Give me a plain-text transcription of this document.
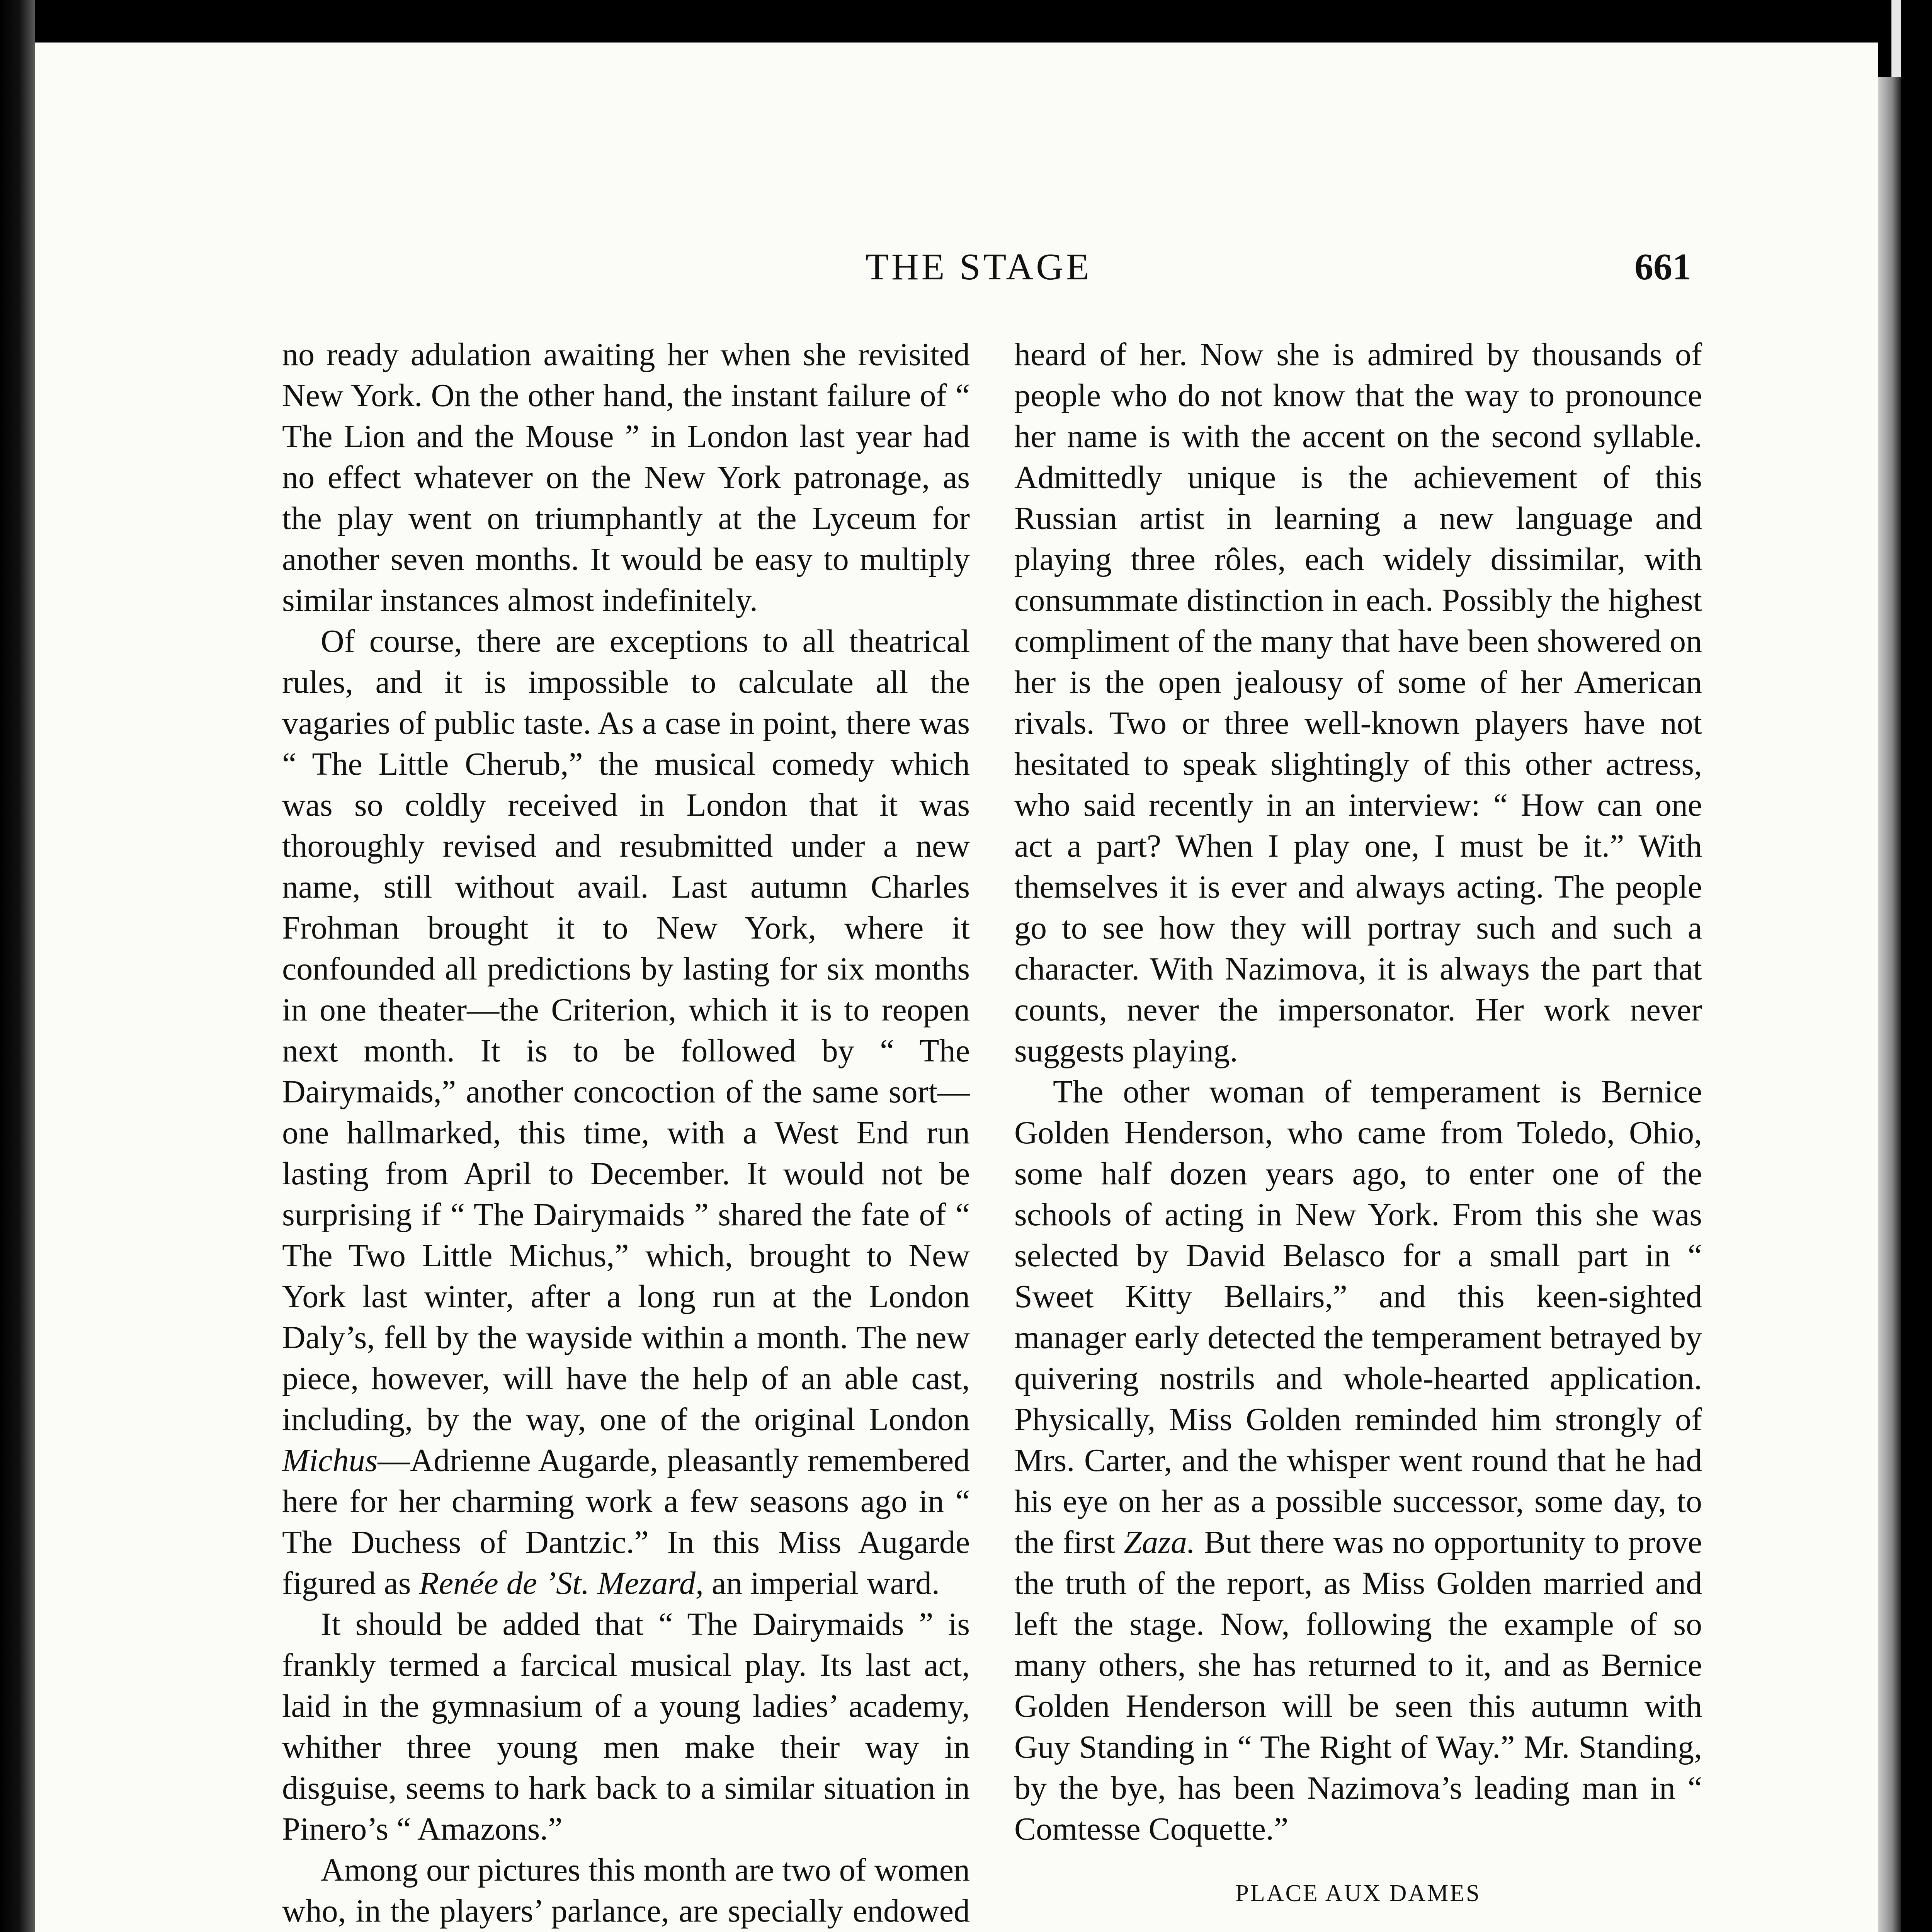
THE STAGE	661

no ready adulation awaiting her when she revisited New York. On the other hand, the instant failure of “ The Lion and the Mouse ” in London last year had no effect whatever on the New York patronage, as the play went on triumphantly at the Lyceum for another seven months. It would be easy to multiply similar instances almost indefinitely.

Of course, there are exceptions to all theatrical rules, and it is impossible to calculate all the vagaries of public taste. As a case in point, there was “ The Little Cherub,” the musical comedy which was so coldly received in London that it was thoroughly revised and resubmitted under a new name, still without avail. Last autumn Charles Frohman brought it to New York, where it confounded all predictions by lasting for six months in one theater—the Criterion, which it is to reopen next month. It is to be followed by “ The Dairymaids,” another concoction of the same sort—one hallmarked, this time, with a West End run lasting from April to December. It would not be surprising if “ The Dairymaids ” shared the fate of “ The Two Little Michus,” which, brought to New York last winter, after a long run at the London Daly’s, fell by the wayside within a month. The new piece, however, will have the help of an able cast, including, by the way, one of the original London Michus—Adrienne Augarde, pleasantly remembered here for her charming work a few seasons ago in “ The Duchess of Dantzic.” In this Miss Augarde figured as Renée de ’St. Mezard, an imperial ward.

It should be added that “ The Dairymaids ” is frankly termed a farcical musical play. Its last act, laid in the gymnasium of a young ladies’ academy, whither three young men make their way in disguise, seems to hark back to a similar situation in Pinero’s “ Amazons.”

Among our pictures this month are two of women who, in the players’ parlance, are specially endowed

heard of her. Now she is admired by thousands of people who do not know that the way to pronounce her name is with the accent on the second syllable. Admittedly unique is the achievement of this Russian artist in learning a new language and playing three rôles, each widely dissimilar, with consummate distinction in each. Possibly the highest compliment of the many that have been showered on her is the open jealousy of some of her American rivals. Two or three well-known players have not hesitated to speak slightingly of this other actress, who said recently in an interview: “ How can one act a part? When I play one, I must be it.” With themselves it is ever and always acting. The people go to see how they will portray such and such a character. With Nazimova, it is always the part that counts, never the impersonator. Her work never suggests playing.

The other woman of temperament is Bernice Golden Henderson, who came from Toledo, Ohio, some half dozen years ago, to enter one of the schools of acting in New York. From this she was selected by David Belasco for a small part in “ Sweet Kitty Bellairs,” and this keen-sighted manager early detected the temperament betrayed by quivering nostrils and whole-hearted application. Physically, Miss Golden reminded him strongly of Mrs. Carter, and the whisper went round that he had his eye on her as a possible successor, some day, to the first Zaza. But there was no opportunity to prove the truth of the report, as Miss Golden married and left the stage. Now, following the example of so many others, she has returned to it, and as Bernice Golden Henderson will be seen this autumn with Guy Standing in “ The Right of Way.” Mr. Standing, by the bye, has been Nazimova’s leading man in “ Comtesse Coquette.”

PLACE AUX DAMES
